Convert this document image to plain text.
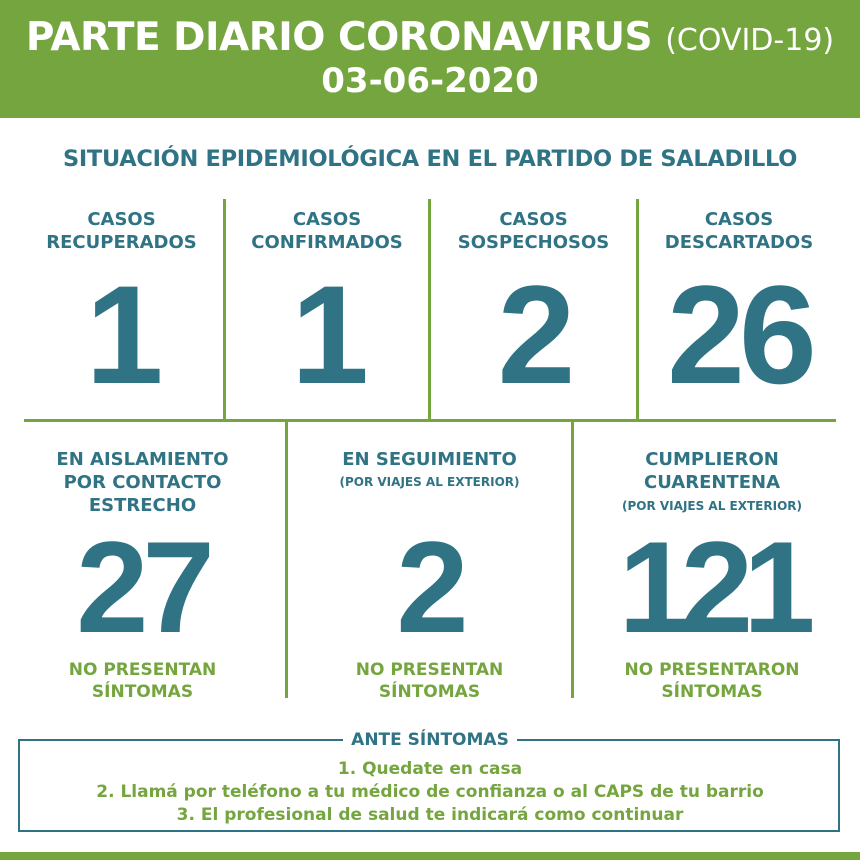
PARTE DIARIO CORONAVIRUS (COVID-19)
03-06-2020
SITUACIÓN EPIDEMIOLÓGICA EN EL PARTIDO DE SALADILLO
CASOS
RECUPERADOS
1
CASOS
CONFIRMADOS
1
CASOS
SOSPECHOSOS
2
CASOS
DESCARTADOS
26
EN AISLAMIENTO
POR CONTACTO
ESTRECHO
27
NO PRESENTAN
SÍNTOMAS
EN SEGUIMIENTO
(POR VIAJES AL EXTERIOR)
2
NO PRESENTAN
SÍNTOMAS
CUMPLIERON
CUARENTENA
(POR VIAJES AL EXTERIOR)
121
NO PRESENTARON
SÍNTOMAS
ANTE SÍNTOMAS
1. Quedate en casa
2. Llamá por teléfono a tu médico de confianza o al CAPS de tu barrio
3. El profesional de salud te indicará como continuar
